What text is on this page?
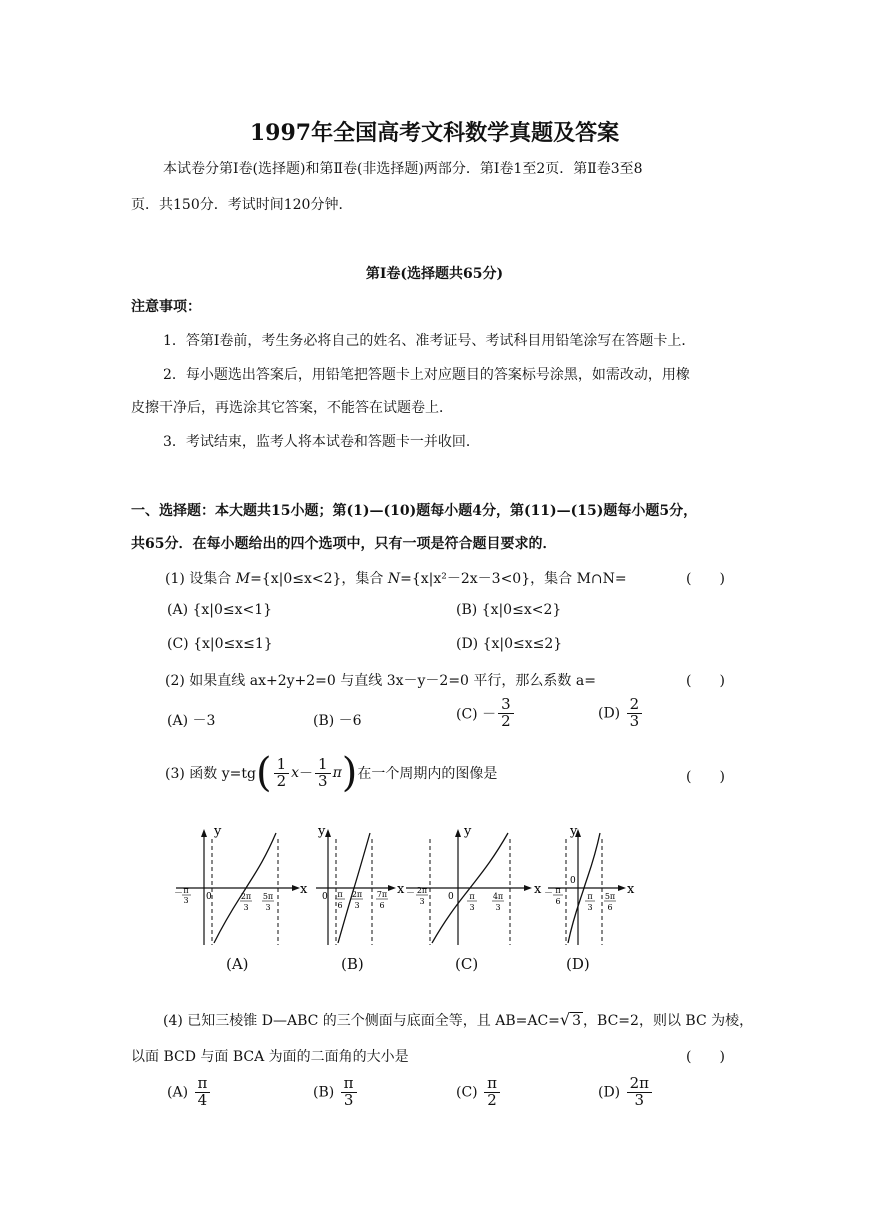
1997年全国高考文科数学真题及答案
本试卷分第Ⅰ卷(选择题)和第Ⅱ卷(非选择题)两部分．第Ⅰ卷1至2页．第Ⅱ卷3至8
页．共150分．考试时间120分钟．
第Ⅰ卷(选择题共65分)
注意事项：
1．答第Ⅰ卷前，考生务必将自己的姓名、准考证号、考试科目用铅笔涂写在答题卡上．
2．每小题选出答案后，用铅笔把答题卡上对应题目的答案标号涂黑，如需改动，用橡
皮擦干净后，再选涂其它答案，不能答在试题卷上．
3．考试结束，监考人将本试卷和答题卡一并收回．
一、选择题：本大题共15小题；第(1)—(10)题每小题4分，第(11)—(15)题每小题5分，
共65分．在每小题给出的四个选项中，只有一项是符合题目要求的．
(1) 设集合 M={x|0≤x<2}，集合 N={x|x²－2x－3<0}，集合 M∩N=	(　　)
(A) {x|0≤x<1}	(B) {x|0≤x<2}
(C) {x|0≤x≤1}	(D) {x|0≤x≤2}
(2) 如果直线 ax+2y+2=0 与直线 3x－y－2=0 平行，那么系数 a=	(　　)
(A) －3	(B) －6	$(C) - \frac{3}{2}$	$(D) \frac{2}{3}$
(3) 函数 $y=tg( \frac{1}{2} x- \frac{1}{3} \pi)$在一个周期内的图像是	(　　)
y
x
0
－ π
3	2π
3
5π
3
y
x
0 π
6
2π
3
7π
6
y
x
0
－ 2π
3
π
3
4π
3
y
x
0
－ π
6
π
3
5π
6
(A)	(B)	(C)	(D)
(4) 已知三棱锥 D—ABC 的三个侧面与底面全等，且 AB=AC=√ 3 ，BC=2，则以 BC 为棱，
以面 BCD 与面 BCA 为面的二面角的大小是	(　　)
$(A) \frac{\pi}{4}$	$(B) \frac{\pi}{3}$	$(C) \frac{\pi}{2}$	$(D) \frac{2\pi}{3}$
